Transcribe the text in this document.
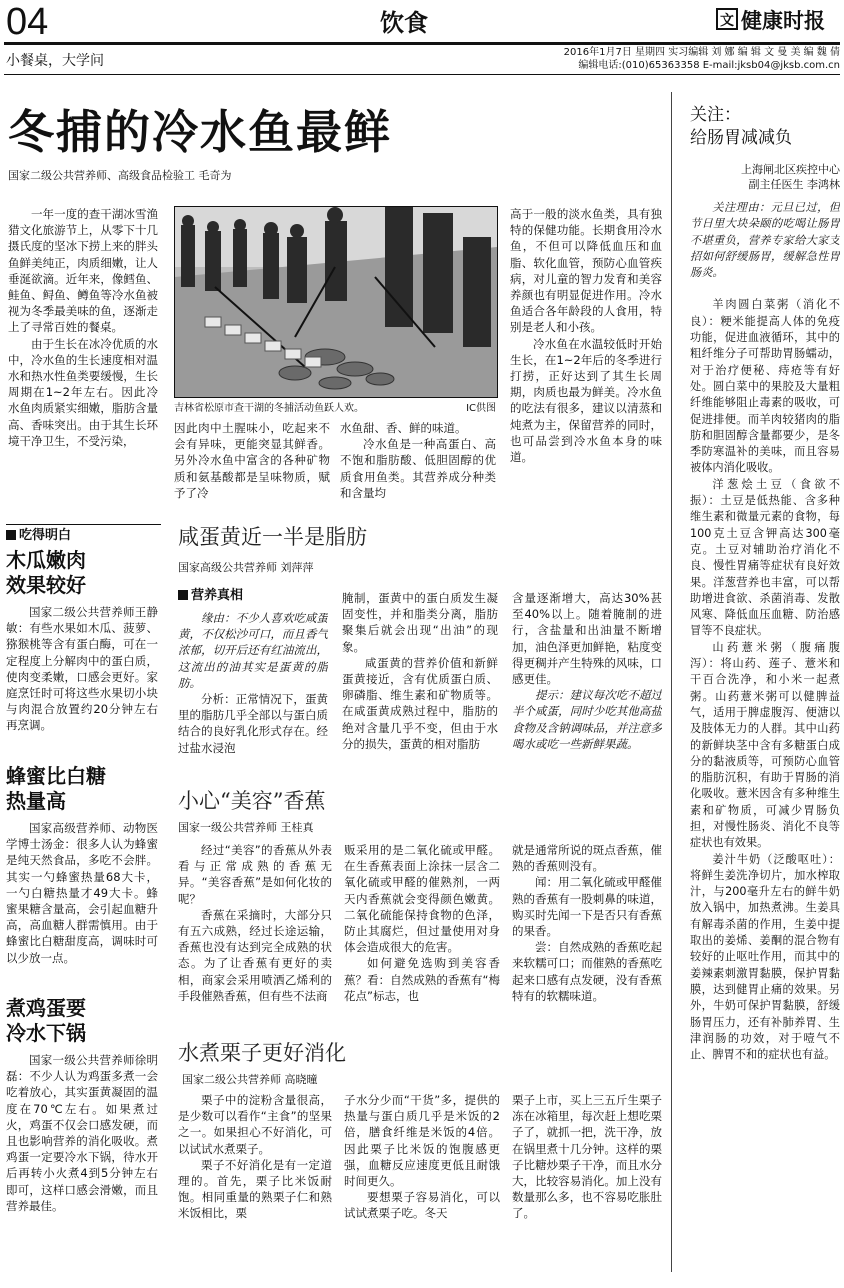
04	饮食	文 健康时报
小餐桌，大学问
2016年1月7日 星期四 实习编辑 刘 娜 编 辑 文 曼 美 编 魏 倩
编辑电话:(010)65363358 E-mail:jksb04@jksb.com.cn
冬捕的冷水鱼最鲜
国家二级公共营养师、高级食品检验工 毛奇为

一年一度的查干湖冰雪渔猎文化旅游节上，从零下十几摄氏度的坚冰下捞上来的胖头鱼鲜美纯正，肉质细嫩，让人垂涎欲滴。近年来，像鳕鱼、鲑鱼、鲟鱼、鳟鱼等冷水鱼被视为冬季最美味的鱼，逐渐走上了寻常百姓的餐桌。

由于生长在冰冷优质的水中，冷水鱼的生长速度相对温水和热水性鱼类要缓慢，生长周期在1~2年左右。因此冷水鱼肉质紧实细嫩，脂肪含量高、香味突出。由于其生长环境干净卫生，不受污染，

吉林省松原市查干湖的冬捕活动鱼跃人欢。	IC供图

因此肉中土腥味小，吃起来不会有异味，更能突显其鲜香。另外冷水鱼中富含的各种矿物质和氨基酸都是呈味物质，赋予了冷

水鱼甜、香、鲜的味道。

冷水鱼是一种高蛋白、高不饱和脂肪酸、低胆固醇的优质食用鱼类。其营养成分种类和含量均

高于一般的淡水鱼类，具有独特的保健功能。长期食用冷水鱼，不但可以降低血压和血脂、软化血管，预防心血管疾病，对儿童的智力发育和美容养颜也有明显促进作用。冷水鱼适合各年龄段的人食用，特别是老人和小孩。

冷水鱼在水温较低时开始生长，在1~2年后的冬季进行打捞，正好达到了其生长周期，肉质也最为鲜美。冷水鱼的吃法有很多，建议以清蒸和炖煮为主，保留营养的同时，也可品尝到冷水鱼本身的味道。

吃得明白
木瓜嫩肉
效果较好

国家二级公共营养师王静敏：有些水果如木瓜、菠萝、猕猴桃等含有蛋白酶，可在一定程度上分解肉中的蛋白质，使肉变柔嫩，口感会更好。家庭烹饪时可将这些水果切小块与肉混合放置约20分钟左右再烹调。

蜂蜜比白糖
热量高

国家高级营养师、动物医学博士汤金：很多人认为蜂蜜是纯天然食品，多吃不会胖。其实一勺蜂蜜热量68大卡，一勺白糖热量才49大卡。蜂蜜果糖含量高，会引起血糖升高，高血糖人群需慎用。由于蜂蜜比白糖甜度高，调味时可以少放一点。

煮鸡蛋要
冷水下锅

国家一级公共营养师徐明磊：不少人认为鸡蛋多煮一会吃着放心，其实蛋黄凝固的温度在70℃左右。如果煮过火，鸡蛋不仅会口感发硬，而且也影响营养的消化吸收。煮鸡蛋一定要冷水下锅，待水开后再转小火煮4到5分钟左右即可，这样口感会滑嫩，而且营养最佳。

咸蛋黄近一半是脂肪
国家高级公共营养师 刘萍萍
营养真相

缘由：不少人喜欢吃咸蛋黄，不仅松沙可口，而且香气浓郁，切开后还有红油流出，这流出的油其实是蛋黄的脂肪。

分析：正常情况下，蛋黄里的脂肪几乎全部以与蛋白质结合的良好乳化形式存在。经过盐水浸泡

腌制，蛋黄中的蛋白质发生凝固变性，并和脂类分离，脂肪聚集后就会出现“出油”的现象。

咸蛋黄的营养价值和新鲜蛋黄接近，含有优质蛋白质、卵磷脂、维生素和矿物质等。在咸蛋黄成熟过程中，脂肪的绝对含量几乎不变，但由于水分的损失，蛋黄的相对脂肪

含量逐渐增大，高达30%甚至40%以上。随着腌制的进行，含盐量和出油量不断增加，油色泽更加鲜艳，粘度变得更稠并产生特殊的风味，口感更佳。

提示：建议每次吃不超过半个咸蛋，同时少吃其他高盐食物及含钠调味品，并注意多喝水或吃一些新鲜果蔬。

小心“美容”香蕉
国家一级公共营养师 王桂真

经过“美容”的香蕉从外表看与正常成熟的香蕉无异。“美容香蕉”是如何化妆的呢？

香蕉在采摘时，大部分只有五六成熟，经过长途运输，香蕉也没有达到完全成熟的状态。为了让香蕉有更好的卖相，商家会采用喷洒乙烯利的手段催熟香蕉，但有些不法商

贩采用的是二氧化硫或甲醛。在生香蕉表面上涂抹一层含二氧化硫或甲醛的催熟剂，一两天内香蕉就会变得颜色嫩黄。二氧化硫能保持食物的色泽，防止其腐烂，但过量使用对身体会造成很大的危害。

如何避免选购到美容香蕉？看：自然成熟的香蕉有“梅花点”标志，也

就是通常所说的斑点香蕉，催熟的香蕉则没有。

闻：用二氧化硫或甲醛催熟的香蕉有一股刺鼻的味道，购买时先闻一下是否只有香蕉的果香。

尝：自然成熟的香蕉吃起来软糯可口；而催熟的香蕉吃起来口感有点发硬，没有香蕉特有的软糯味道。

水煮栗子更好消化
国家二级公共营养师 高晓曈

栗子中的淀粉含量很高，是少数可以看作“主食”的坚果之一。如果担心不好消化，可以试试水煮栗子。

栗子不好消化是有一定道理的。首先，栗子比米饭耐饱。相同重量的熟栗子仁和熟米饭相比，栗

子水分少而“干货”多，提供的热量与蛋白质几乎是米饭的2倍，膳食纤维是米饭的4倍。因此栗子比米饭的饱腹感更强，血糖反应速度更低且耐饿时间更久。

要想栗子容易消化，可以试试煮栗子吃。冬天

栗子上市，买上三五斤生栗子冻在冰箱里，每次赶上想吃栗子了，就抓一把，洗干净，放在锅里煮十几分钟。这样的栗子比糖炒栗子干净，而且水分大，比较容易消化。加上没有数量那么多，也不容易吃胀肚了。

关注：
给肠胃减减负
上海闸北区疾控中心
副主任医生 李鸿林

关注理由：元旦已过，但节日里大块朵颐的吃喝让肠胃不堪重负，营养专家给大家支招如何舒缓肠胃，缓解急性胃肠炎。

羊肉圆白菜粥（消化不良）：粳米能提高人体的免疫功能，促进血液循环，其中的粗纤维分子可帮助胃肠蠕动，对于治疗便秘、痔疮等有好处。圆白菜中的果胶及大量粗纤维能够阻止毒素的吸收，可促进排便。而羊肉较猪肉的脂肪和胆固醇含量都要少，是冬季防寒温补的美味，而且容易被体内消化吸收。

洋葱烩土豆（食欲不振）：土豆是低热能、含多种维生素和微量元素的食物，每100克土豆含钾高达300毫克。土豆对辅助治疗消化不良、慢性胃痛等症状有良好效果。洋葱营养也丰富，可以帮助增进食欲、杀菌消毒、发散风寒、降低血压血糖、防治感冒等不良症状。

山药薏米粥（腹痛腹泻）：将山药、莲子、薏米和干百合洗净，和小米一起煮粥。山药薏米粥可以健脾益气，适用于脾虚腹泻、便溏以及肢体无力的人群。其中山药的新鲜块茎中含有多糖蛋白成分的黏液质等，可预防心血管的脂肪沉积，有助于胃肠的消化吸收。薏米因含有多种维生素和矿物质，可减少胃肠负担，对慢性肠炎、消化不良等症状也有效果。

姜汁牛奶（泛酸呕吐）：将鲜生姜洗净切片，加水榨取汁，与200毫升左右的鲜牛奶放入锅中，加热煮沸。生姜具有解毒杀菌的作用，生姜中提取出的姜烯、姜酮的混合物有较好的止呕吐作用，而其中的姜辣素刺激胃黏膜，保护胃黏膜，达到健胃止痛的效果。另外，牛奶可保护胃黏膜，舒缓肠胃压力，还有补肺养胃、生津润肠的功效，对于噎气不止、脾胃不和的症状也有益。
